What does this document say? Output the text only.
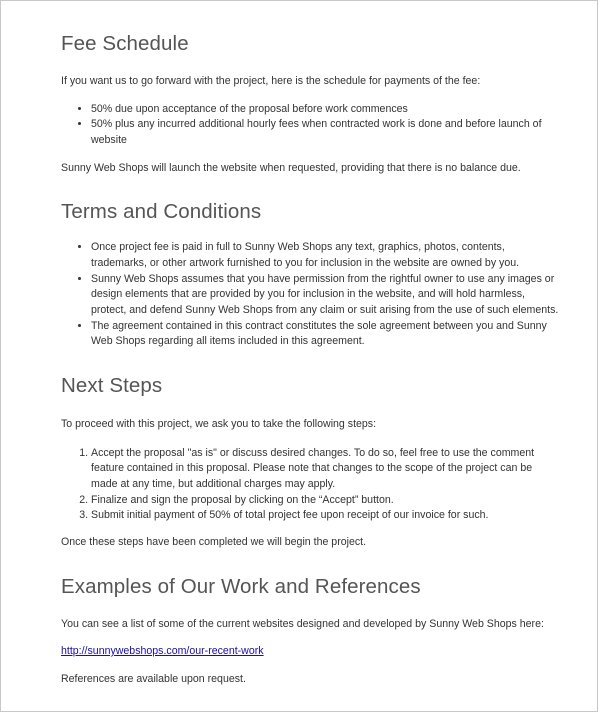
Fee Schedule

If you want us to go forward with the project, here is the schedule for payments of the fee:

• 50% due upon acceptance of the proposal before work commences
• 50% plus any incurred additional hourly fees when contracted work is done and before launch of website

Sunny Web Shops will launch the website when requested, providing that there is no balance due.

Terms and Conditions
• Once project fee is paid in full to Sunny Web Shops any text, graphics, photos, contents, trademarks, or other artwork furnished to you for inclusion in the website are owned by you.
• Sunny Web Shops assumes that you have permission from the rightful owner to use any images or design elements that are provided by you for inclusion in the website, and will hold harmless, protect, and defend Sunny Web Shops from any claim or suit arising from the use of such elements.
• The agreement contained in this contract constitutes the sole agreement between you and Sunny Web Shops regarding all items included in this agreement.
Next Steps

To proceed with this project, we ask you to take the following steps:

1. Accept the proposal "as is" or discuss desired changes. To do so, feel free to use the comment feature contained in this proposal. Please note that changes to the scope of the project can be made at any time, but additional charges may apply.
2. Finalize and sign the proposal by clicking on the “Accept” button.
3. Submit initial payment of 50% of total project fee upon receipt of our invoice for such.

Once these steps have been completed we will begin the project.

Examples of Our Work and References

You can see a list of some of the current websites designed and developed by Sunny Web Shops here:

http://sunnywebshops.com/our-recent-work

References are available upon request.
